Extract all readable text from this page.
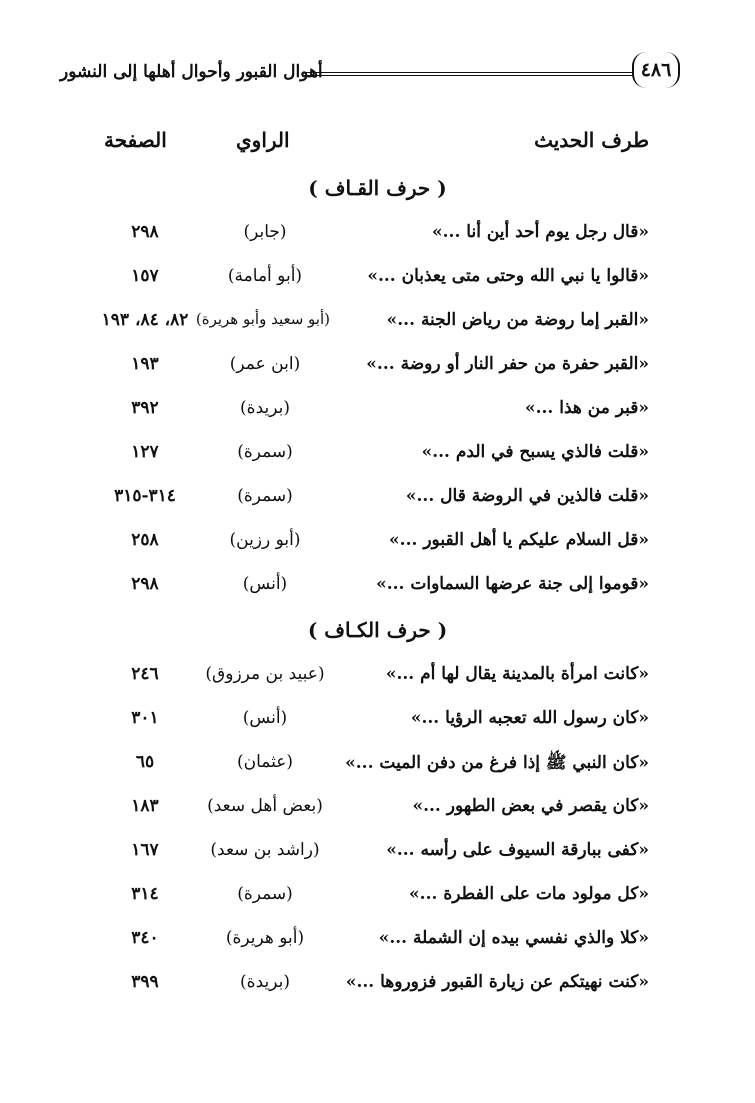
أهوال القبور وأحوال أهلها إلى النشور	٤٨٦
طرف الحديث
الراوي
الصفحة
( حرف القـاف )
«قال رجل يوم أحد أين أنا ...»
(جابر)
٢٩٨
«قالوا يا نبي الله وحتى متى يعذبان ...»
(أبو أمامة)
١٥٧
«القبر إما روضة من رياض الجنة ...»
(أبو سعيد وأبو هريرة)
٨٢، ٨٤، ١٩٣
«القبر حفرة من حفر النار أو روضة ...»
(ابن عمر)
١٩٣
«قبر من هذا ...»
(بريدة)
٣٩٢
«قلت فالذي يسبح في الدم ...»
(سمرة)
١٢٧
«قلت فالذين في الروضة قال ...»
(سمرة)
٣١٤-٣١٥
«قل السلام عليكم يا أهل القبور ...»
(أبو رزين)
٢٥٨
«قوموا إلى جنة عرضها السماوات ...»
(أنس)
٢٩٨
( حرف الكـاف )
«كانت امرأة بالمدينة يقال لها أم ...»
(عبيد بن مرزوق)
٢٤٦
«كان رسول الله تعجبه الرؤيا ...»
(أنس)
٣٠١
«كان النبي ﷺ إذا فرغ من دفن الميت ...»
(عثمان)
٦٥
«كان يقصر في بعض الطهور ...»
(بعض أهل سعد)
١٨٣
«كفى ببارقة السيوف على رأسه ...»
(راشد بن سعد)
١٦٧
«كل مولود مات على الفطرة ...»
(سمرة)
٣١٤
«كلا والذي نفسي بيده إن الشملة ...»
(أبو هريرة)
٣٤٠
«كنت نهيتكم عن زيارة القبور فزوروها ...»
(بريدة)
٣٩٩
